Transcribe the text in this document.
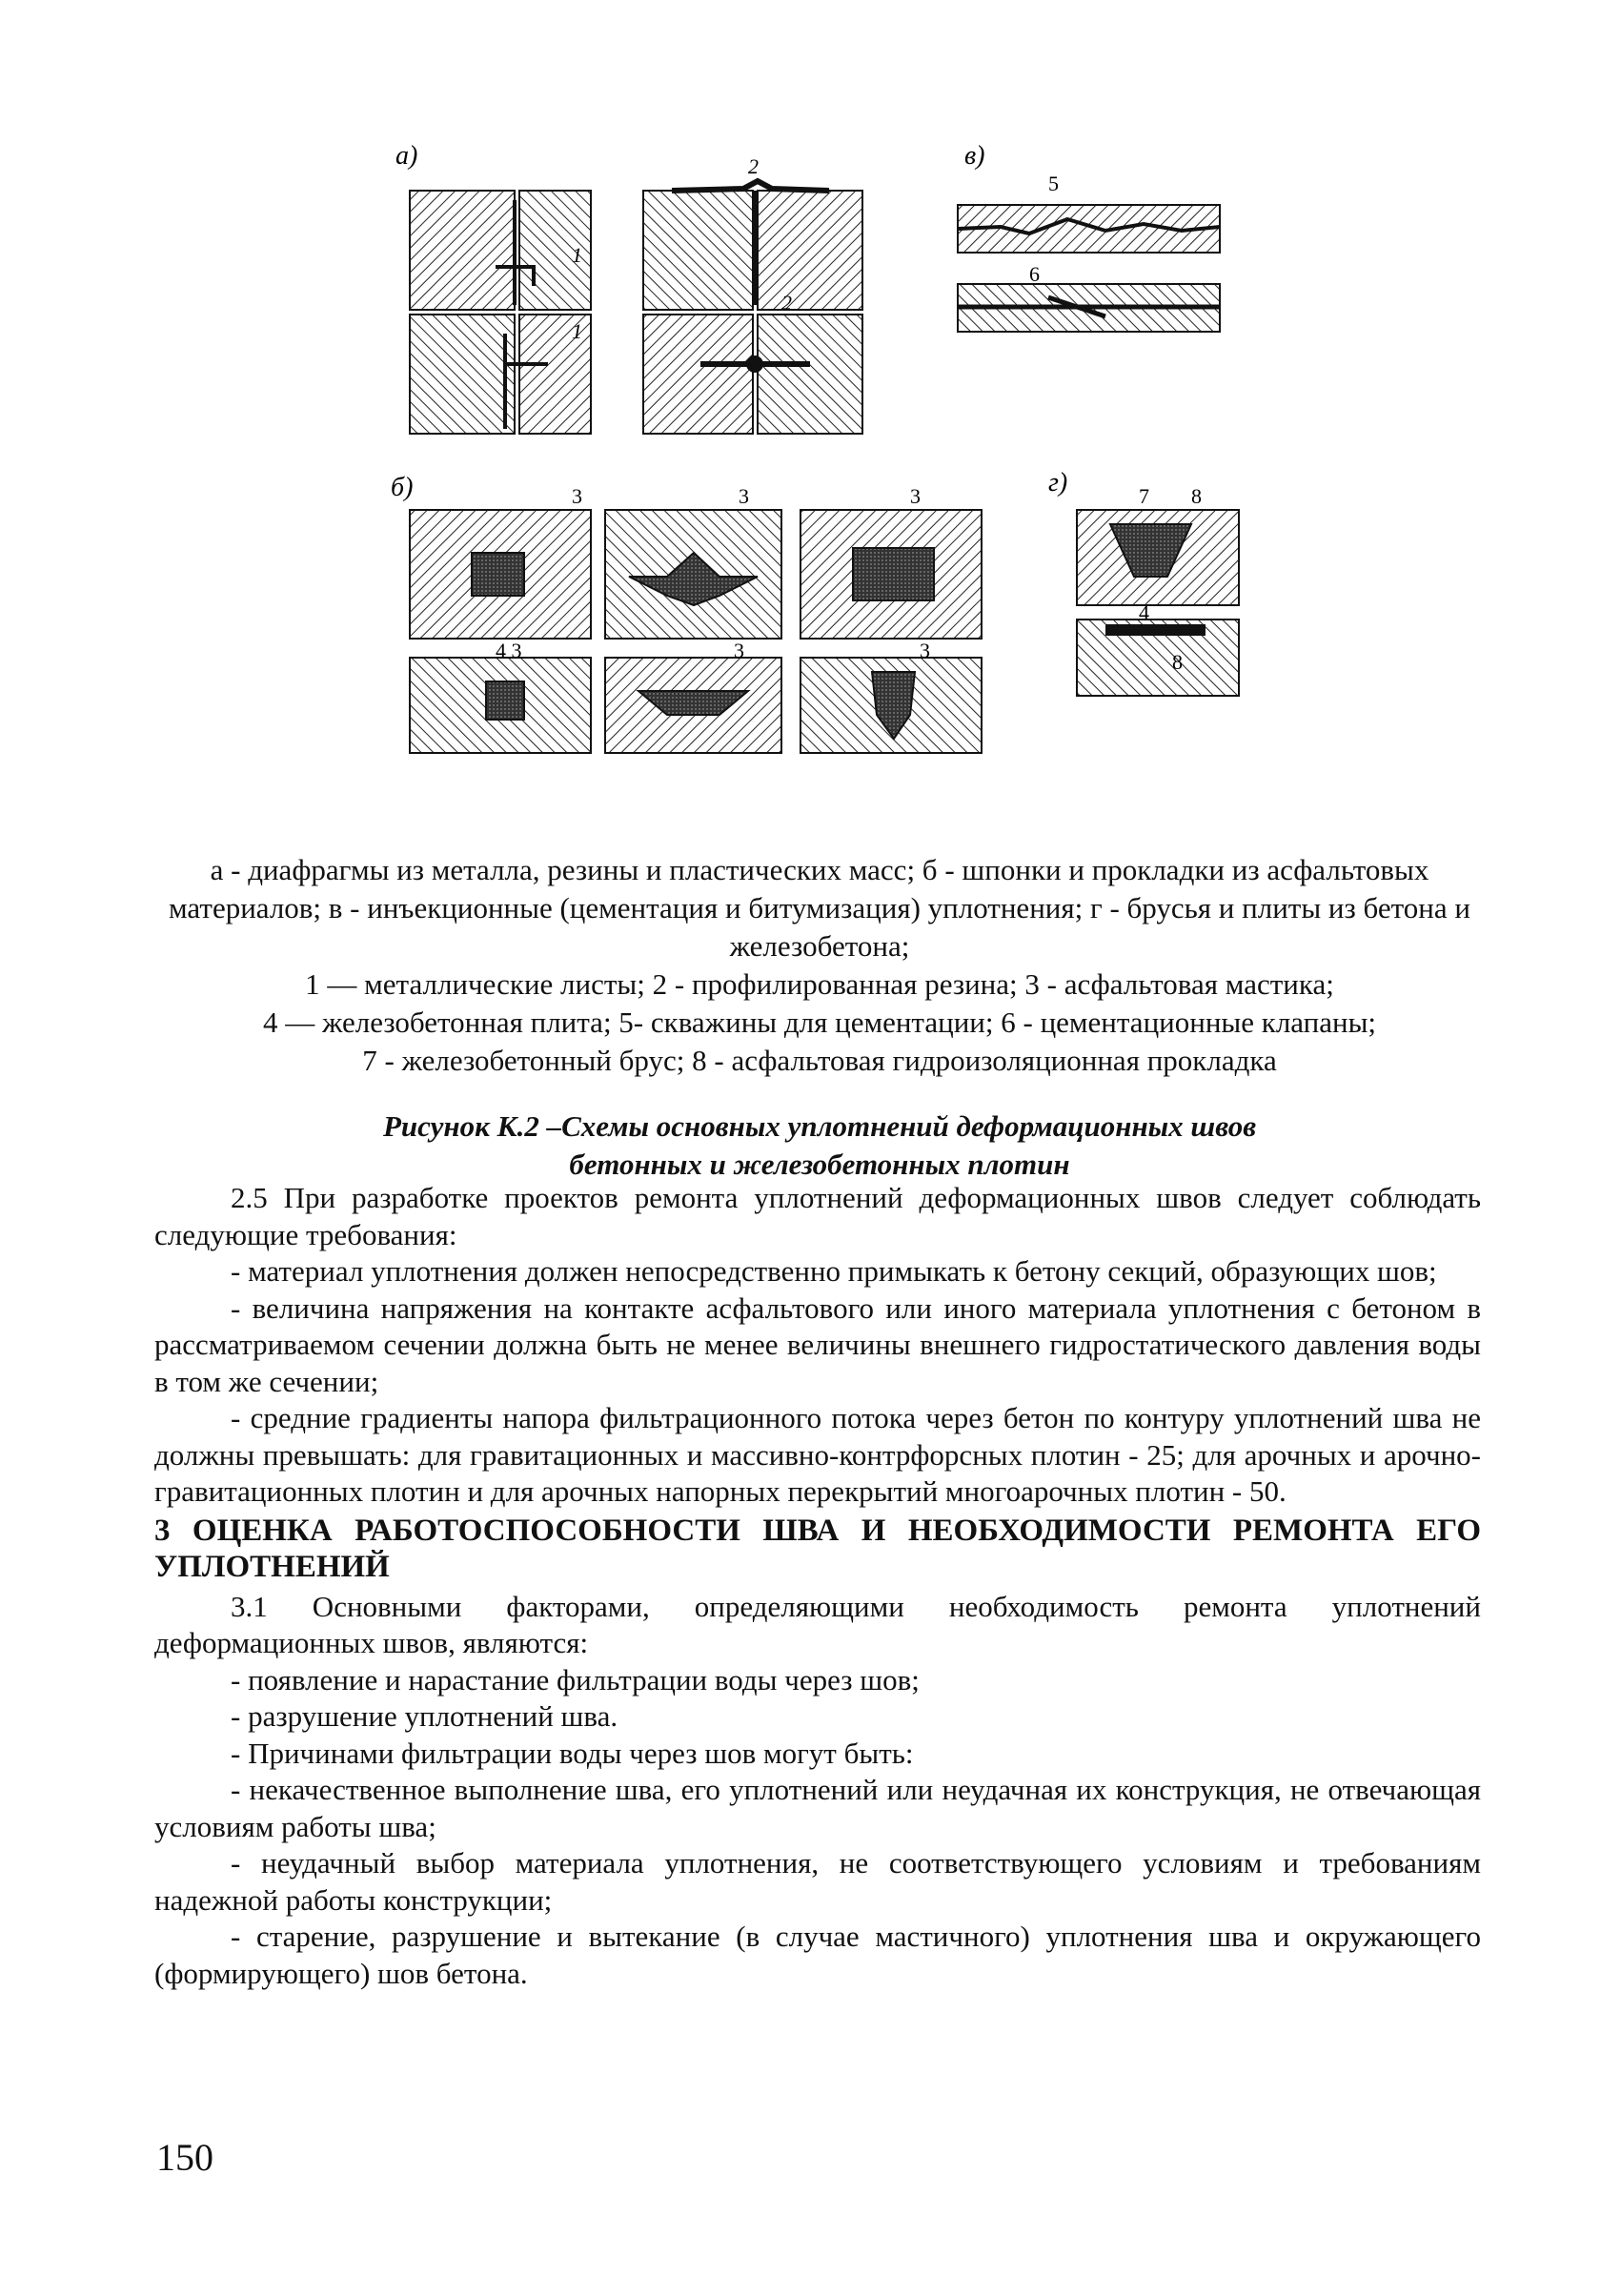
а)	2
1
1
2
в)
5
6
б)	3	3	3
4 3	3	3
г)	7 8
4
8

а - диафрагмы из металла, резины и пластических масс; б - шпонки и прокладки из асфальтовых материалов; в - инъекционные (цементация и битумизация) уплотнения; г - брусья и плиты из бетона и железобетона;

1 — металлические листы; 2 - профилированная резина; 3 - асфальтовая мастика;

4 — железобетонная плита; 5- скважины для цементации; 6 - цементационные клапаны;

7 - железобетонный брус; 8 - асфальтовая гидроизоляционная прокладка

Рисунок К.2 –Схемы основных уплотнений деформационных швов

бетонных и железобетонных плотин

2.5 При разработке проектов ремонта уплотнений деформационных швов следует соблюдать следующие требования:

- материал уплотнения должен непосредственно примыкать к бетону секций, образующих шов;

- величина напряжения на контакте асфальтового или иного материала уплотнения с бетоном в рассматриваемом сечении должна быть не менее величины внешнего гидростатического давления воды в том же сечении;

- средние градиенты напора фильтрационного потока через бетон по контуру уплотнений шва не должны превышать: для гравитационных и массивно-контрфорсных плотин - 25; для арочных и арочно-гравитационных плотин и для арочных напорных перекрытий многоарочных плотин - 50.

3 ОЦЕНКА РАБОТОСПОСОБНОСТИ ШВА И НЕОБХОДИМОСТИ РЕМОНТА ЕГО УПЛОТНЕНИЙ

3.1 Основными факторами, определяющими необходимость ремонта уплотнений деформационных швов, являются:

- появление и нарастание фильтрации воды через шов;

- разрушение уплотнений шва.

- Причинами фильтрации воды через шов могут быть:

- некачественное выполнение шва, его уплотнений или неудачная их конструкция, не отвечающая условиям работы шва;

- неудачный выбор материала уплотнения, не соответствующего условиям и требованиям надежной работы конструкции;

- старение, разрушение и вытекание (в случае мастичного) уплотнения шва и окружающего (формирующего) шов бетона.

150
